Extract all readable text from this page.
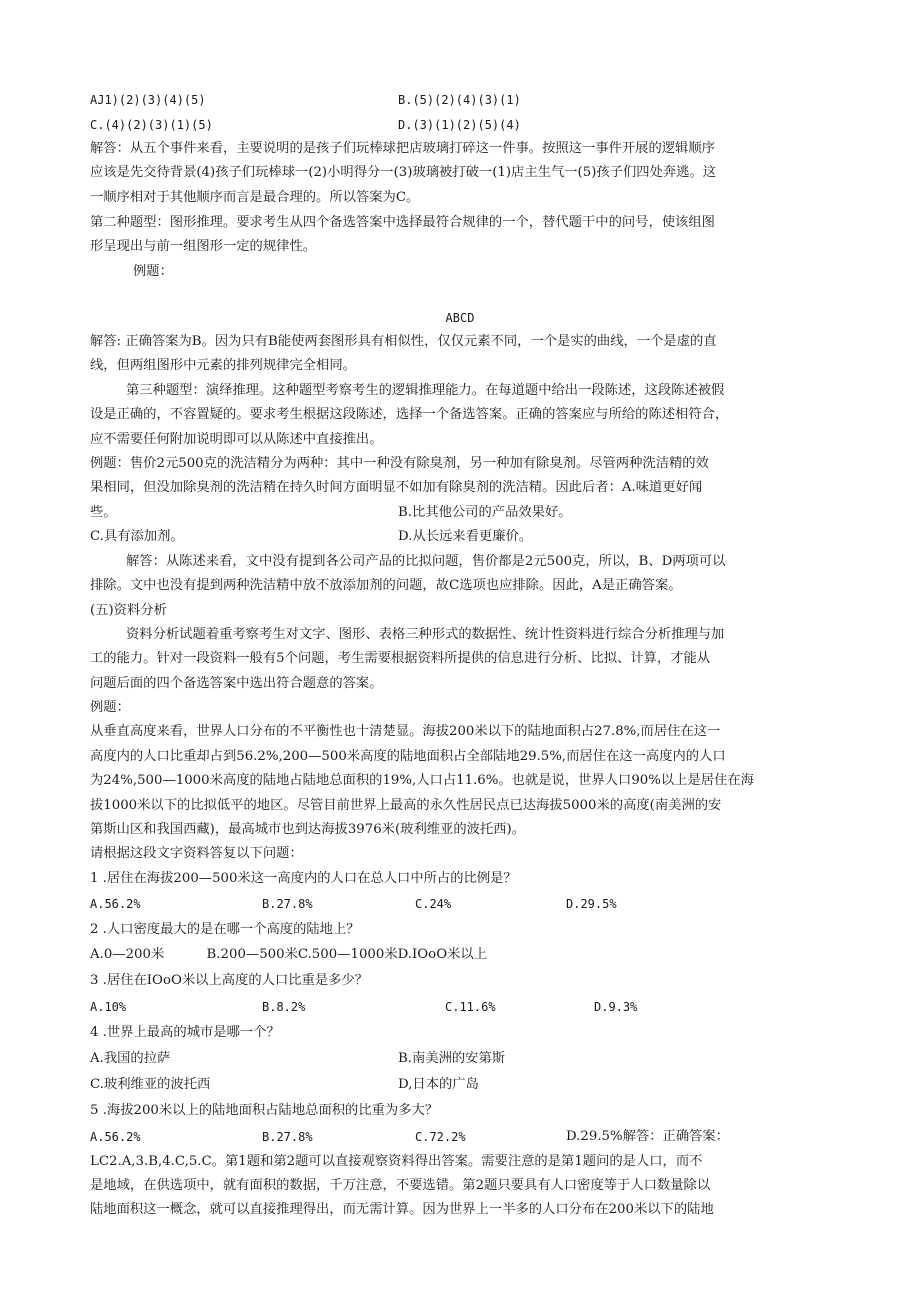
AJ1)(2)(3)(4)(5)	B.(5)(2)(4)(3)(1)
C.(4)(2)(3)(1)(5)	D.(3)(1)(2)(5)(4)
解答：从五个事件来看，主要说明的是孩子们玩棒球把店玻璃打碎这一件事。按照这一事件开展的逻辑顺序
应该是先交待背景(4)孩子们玩棒球一(2)小明得分一(3)玻璃被打破一(1)店主生气一(5)孩子们四处奔逃。这
一顺序相对于其他顺序而言是最合理的。所以答案为C。
第二种题型：图形推理。要求考生从四个备选答案中选择最符合规律的一个，替代题干中的问号，使该组图
形呈现出与前一组图形一定的规律性。
例题：
ABCD
解答: 正确答案为B。因为只有B能使两套图形具有相似性，仅仅元素不同，一个是实的曲线，一个是虚的直
线，但两组图形中元素的排列规律完全相同。
第三种题型：演绎推理。这种题型考察考生的逻辑推理能力。在每道题中给出一段陈述，这段陈述被假
设是正确的，不容置疑的。要求考生根据这段陈述，选择一个备选答案。正确的答案应与所给的陈述相符合，
应不需要任何附加说明即可以从陈述中直接推出。
例题：售价2元500克的洗洁精分为两种：其中一种没有除臭剂，另一种加有除臭剂。尽管两种洗洁精的效
果相同，但没加除臭剂的洗洁精在持久时间方面明显不如加有除臭剂的洗洁精。因此后者：A.味道更好闻
些。	B.比其他公司的产品效果好。
C.具有添加剂。	D.从长远来看更廉价。
解答：从陈述来看，文中没有提到各公司产品的比拟问题，售价都是2元500克，所以，B、D两项可以
排除。文中也没有提到两种洗洁精中放不放添加剂的问题，故C选项也应排除。因此，A是正确答案。
(五)资料分析
资料分析试题着重考察考生对文字、图形、表格三种形式的数据性、统计性资料进行综合分析推理与加
工的能力。针对一段资料一般有5个问题，考生需要根据资料所提供的信息进行分析、比拟、计算，才能从
问题后面的四个备选答案中选出符合题意的答案。
例题：
从垂直高度来看，世界人口分布的不平衡性也十清楚显。海拔200米以下的陆地面积占27.8%,而居住在这一
高度内的人口比重却占到56.2%,200—500米高度的陆地面积占全部陆地29.5%,而居住在这一高度内的人口
为24%,500—1000米高度的陆地占陆地总面积的19%,人口占11.6%。也就是说，世界人口90%以上是居住在海
拔1000米以下的比拟低平的地区。尽管目前世界上最高的永久性居民点已达海拔5000米的高度(南美洲的安
第斯山区和我国西藏)，最高城市也到达海拔3976米(玻利维亚的波托西)。
请根据这段文字资料答复以下问题：
1 .居住在海拔200—500米这一高度内的人口在总人口中所占的比例是？
A.56.2%	B.27.8%	C.24%	D.29.5%
2 .人口密度最大的是在哪一个高度的陆地上？
A.0—200米          B.200—500米C.500—1000米D.IOoO米以上
3 .居住在IOoO米以上高度的人口比重是多少？
A.10%	B.8.2%	C.11.6%	D.9.3%
4 .世界上最高的城市是哪一个？
A.我国的拉萨	B.南美洲的安第斯
C.玻利维亚的波托西	D,日本的广岛
5 .海拔200米以上的陆地面积占陆地总面积的比重为多大？
A.56.2%	B.27.8%	C.72.2%	D.29.5%解答：正确答案：
LC2.A,3.B,4.C,5.C。第1题和第2题可以直接观察资料得出答案。需要注意的是第1题问的是人口，而不
是地域，在供选项中，就有面积的数据，千万注意，不要选错。第2题只要具有人口密度等于人口数量除以
陆地面积这一概念，就可以直接推理得出，而无需计算。因为世界上一半多的人口分布在200米以下的陆地
